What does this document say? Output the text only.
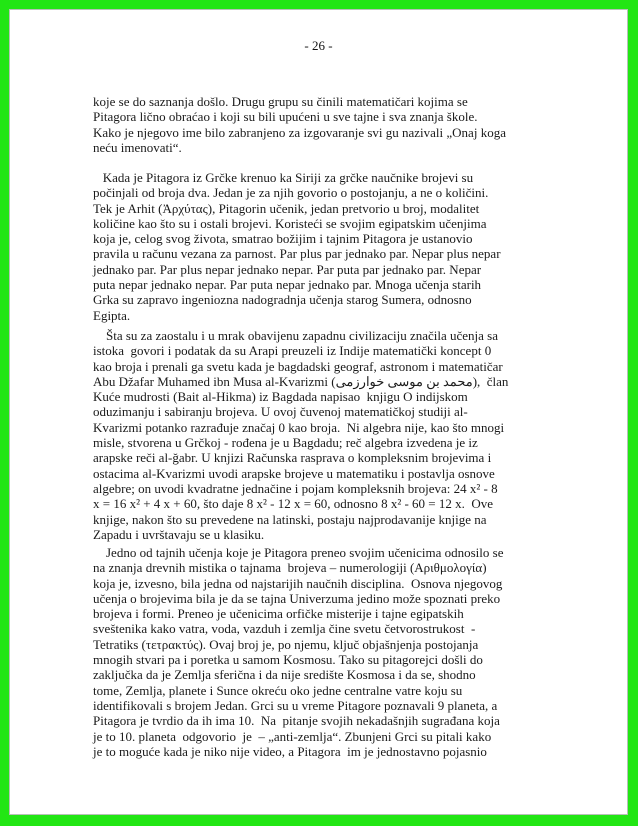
- 26 -

koje se do saznanja došlo. Drugu grupu su činili matematičari kojima se
Pitagora lično obraćao i koji su bili upućeni u sve tajne i sva znanja škole.
Kako je njegovo ime bilo zabranjeno za izgovaranje svi gu nazivali „Onaj koga
neću imenovati“.

Kada je Pitagora iz Grčke krenuo ka Siriji za grčke naučnike brojevi su
počinjali od broja dva. Jedan je za njih govorio o postojanju, a ne o količini.
Tek je Arhit (Ἀρχύτας), Pitagorin učenik, jedan pretvorio u broj, modalitet
količine kao što su i ostali brojevi. Koristeći se svojim egipatskim učenjima
koja je, celog svog života, smatrao božijim i tajnim Pitagora je ustanovio
pravila u računu vezana za parnost. Par plus par jednako par. Nepar plus nepar
jednako par. Par plus nepar jednako nepar. Par puta par jednako par. Nepar
puta nepar jednako nepar. Par puta nepar jednako par. Mnoga učenja starih
Grka su zapravo ingeniozna nadogradnja učenja starog Sumera, odnosno
Egipta.

Šta su za zaostalu i u mrak obavijenu zapadnu civilizaciju značila učenja sa
istoka  govori i podatak da su Arapi preuzeli iz Indije matematički koncept 0
kao broja i prenali ga svetu kada je bagdadski geograf, astronom i matematičar
Abu Džafar Muhamed ibn Musa al-Kvarizmi (محمد بن موسی خوارزمی),  član
Kuće mudrosti (Bait al-Hikma) iz Bagdada napisao  knjigu O indijskom
oduzimanju i sabiranju brojeva. U ovoj čuvenoj matematičkoj studiji al-
Kvarizmi potanko razrađuje značaj 0 kao broja.  Ni algebra nije, kao što mnogi
misle, stvorena u Grčkoj - rođena je u Bagdadu; reč algebra izvedena je iz
arapske reči al-ğabr. U knjizi Računska rasprava o kompleksnim brojevima i
ostacima al-Kvarizmi uvodi arapske brojeve u matematiku i postavlja osnove
algebre; on uvodi kvadratne jednačine i pojam kompleksnih brojeva: 24 x² - 8
x = 16 x² + 4 x + 60, što daje 8 x² - 12 x = 60, odnosno 8 x² - 60 = 12 x.  Ove
knjige, nakon što su prevedene na latinski, postaju najprodavanije knjige na
Zapadu i uvrštavaju se u klasiku.

Jedno od tajnih učenja koje je Pitagora preneo svojim učenicima odnosilo se
na znanja drevnih mistika o tajnama  brojeva – numerologiji (Αριθμολογία)
koja je, izvesno, bila jedna od najstarijih naučnih disciplina.  Osnova njegovog
učenja o brojevima bila je da se tajna Univerzuma jedino može spoznati preko
brojeva i formi. Preneo je učenicima orfičke misterije i tajne egipatskih
sveštenika kako vatra, voda, vazduh i zemlja čine svetu četvorostrukost  -
Tetratiks (τετρακτύς). Ovaj broj je, po njemu, ključ objašnjenja postojanja
mnogih stvari pa i poretka u samom Kosmosu. Tako su pitagorejci došli do
zaključka da je Zemlja sferična i da nije središte Kosmosa i da se, shodno
tome, Zemlja, planete i Sunce okreću oko jedne centralne vatre koju su
identifikovali s brojem Jedan. Grci su u vreme Pitagore poznavali 9 planeta, a
Pitagora je tvrdio da ih ima 10.  Na  pitanje svojih nekadašnjih sugrađana koja
je to 10. planeta  odgovorio  je  – „anti-zemlja“. Zbunjeni Grci su pitali kako
je to moguće kada je niko nije video, a Pitagora  im je jednostavno pojasnio
